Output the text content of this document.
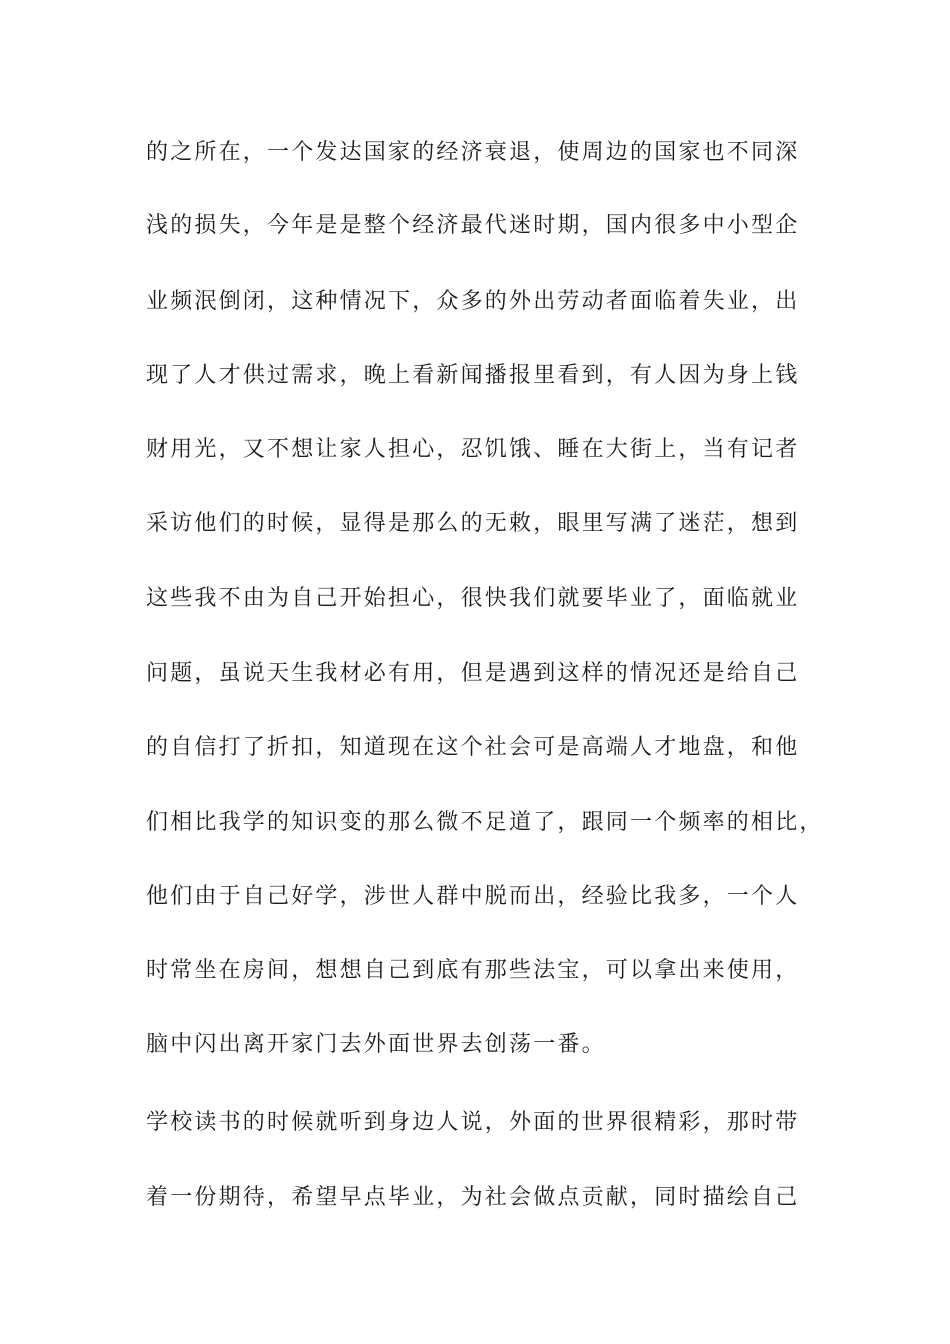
的之所在，一个发达国家的经济衰退，使周边的国家也不同深
浅的损失，今年是是整个经济最代迷时期，国内很多中小型企
业频泯倒闭，这种情况下，众多的外出劳动者面临着失业，出
现了人才供过需求，晚上看新闻播报里看到，有人因为身上钱
财用光，又不想让家人担心，忍饥饿、睡在大街上，当有记者
采访他们的时候，显得是那么的无敕，眼里写满了迷茫，想到
这些我不由为自己开始担心，很快我们就要毕业了，面临就业
问题，虽说天生我材必有用，但是遇到这样的情况还是给自己
的自信打了折扣，知道现在这个社会可是高端人才地盘，和他
们相比我学的知识变的那么微不足道了，跟同一个频率的相比，
他们由于自己好学，涉世人群中脱而出，经验比我多，一个人
时常坐在房间，想想自己到底有那些法宝，可以拿出来使用，
脑中闪出离开家门去外面世界去创荡一番。
学校读书的时候就听到身边人说，外面的世界很精彩，那时带
着一份期待，希望早点毕业，为社会做点贡献，同时描绘自己
